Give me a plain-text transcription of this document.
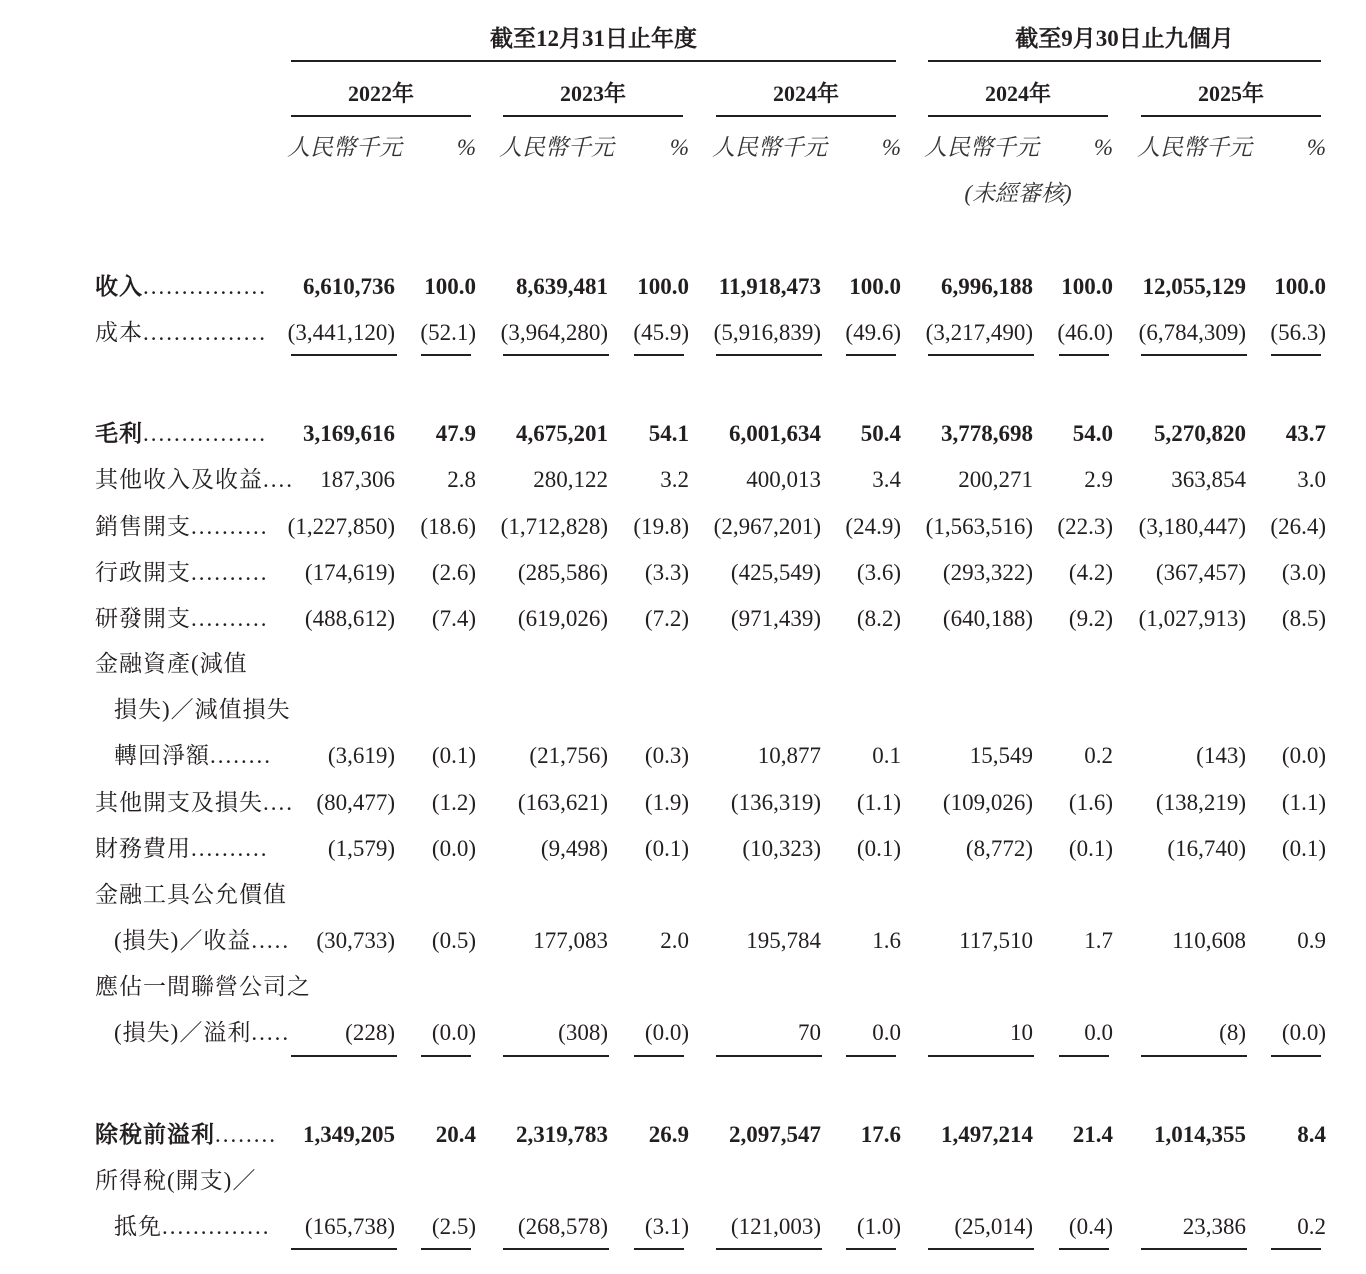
截至12月31日止年度	截至9月30日止九個月
2022年	2023年	2024年	2024年	2025年
人民幣千元 % 人民幣千元 % 人民幣千元 % 人民幣千元 % 人民幣千元 %
(未經審核)
收入 ................	6,610,736	100.0	8,639,481	100.0	11,918,473	100.0	6,996,188	100.0	12,055,129	100.0
成本 ................ (3,441,120)	(52.1)	(3,964,280)	(45.9)	(5,916,839)	(49.6)	(3,217,490)	(46.0)	(6,784,309)	(56.3)
毛利 ................	3,169,616	47.9	4,675,201	54.1	6,001,634	50.4	3,778,698	54.0	5,270,820	43.7
其他收入及收益 ....	187,306	2.8	280,122	3.2	400,013	3.4	200,271	2.9	363,854	3.0
銷售開支 .......... (1,227,850)	(18.6)	(1,712,828)	(19.8)	(2,967,201)	(24.9)	(1,563,516)	(22.3)	(3,180,447)	(26.4)
行政開支 ..........	(174,619)	(2.6)	(285,586)	(3.3)	(425,549)	(3.6)	(293,322)	(4.2)	(367,457)	(3.0)
研發開支 ..........	(488,612)	(7.4)	(619,026)	(7.2)	(971,439)	(8.2)	(640,188)	(9.2)	(1,027,913)	(8.5)
金融資產(減值
損失)／減值損失
轉回淨額 ........	(3,619)	(0.1)	(21,756)	(0.3)	10,877	0.1	15,549	0.2	(143)	(0.0)
其他開支及損失 .... (80,477)	(1.2)	(163,621)	(1.9)	(136,319)	(1.1)	(109,026)	(1.6)	(138,219)	(1.1)
財務費用 ..........	(1,579)	(0.0)	(9,498)	(0.1)	(10,323)	(0.1)	(8,772)	(0.1)	(16,740)	(0.1)
金融工具公允價值
(損失)／收益 .....	(30,733)	(0.5)	177,083	2.0	195,784	1.6	117,510	1.7	110,608	0.9
應佔一間聯營公司之
(損失)／溢利 .....	(228)	(0.0)	(308)	(0.0)	70	0.0	10	0.0	(8)	(0.0)
除稅前溢利 ........	1,349,205	20.4	2,319,783	26.9	2,097,547	17.6	1,497,214	21.4	1,014,355	8.4
所得稅(開支)／
抵免 ..............	(165,738)	(2.5)	(268,578)	(3.1)	(121,003)	(1.0)	(25,014)	(0.4)	23,386	0.2
